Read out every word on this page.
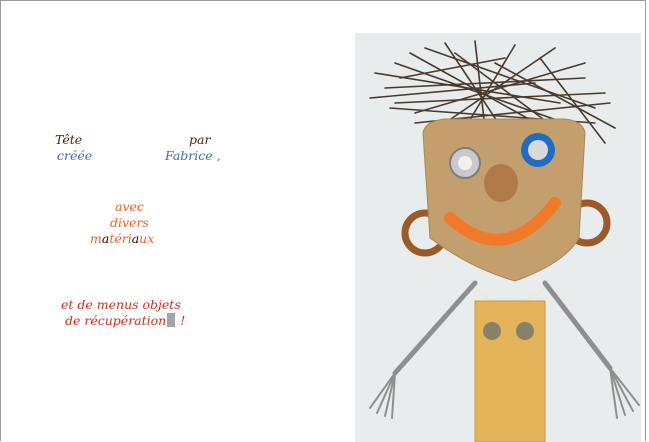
Tête	par
créée	Fabrice ,
avec
divers
matériaux
et de menus objets
de récupération !
